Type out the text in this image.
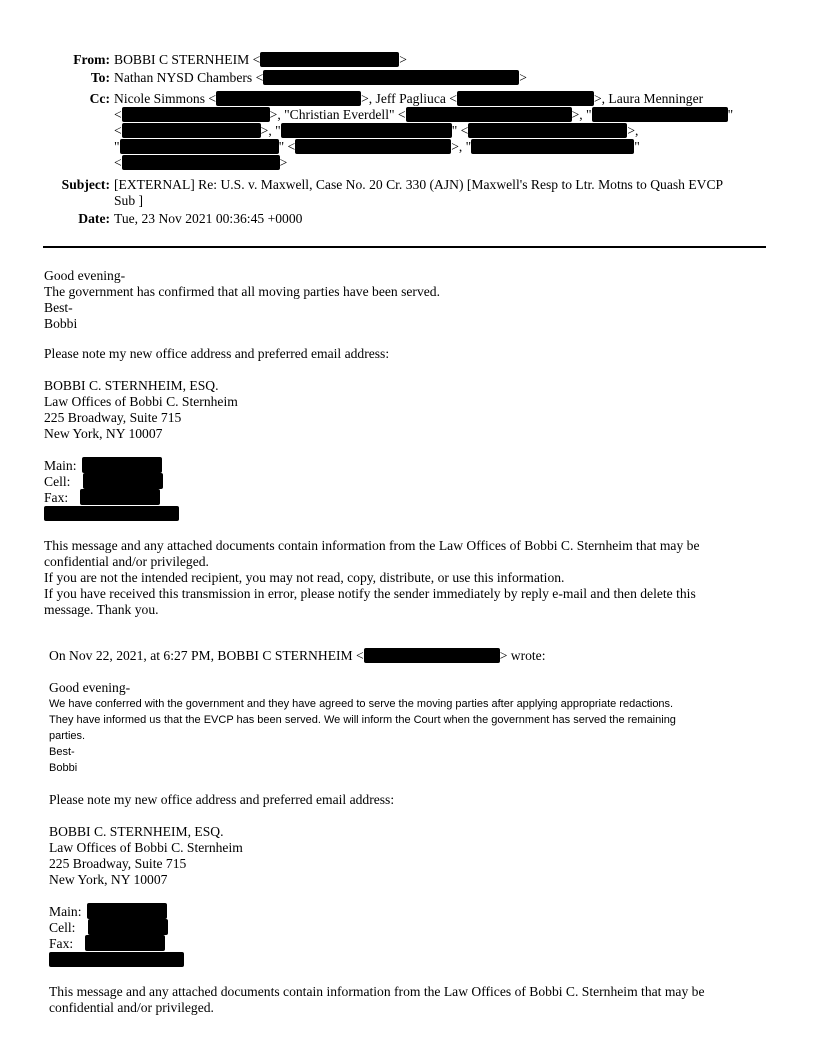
From: BOBBI C STERNHEIM <	>
To: Nathan NYSD Chambers <	>
Cc: Nicole Simmons <	>, Jeff Pagliuca <	>, Laura Menninger
<	>, "Christian Everdell" <	>, "	"
<	>, "	" <	>,
"	" <	>, "	"
<	>
Subject: [EXTERNAL] Re: U.S. v. Maxwell, Case No. 20 Cr. 330 (AJN) [Maxwell's Resp to Ltr. Motns to Quash EVCP
Sub ]
Date: Tue, 23 Nov 2021 00:36:45 +0000
Good evening-
The government has confirmed that all moving parties have been served.
Best-
Bobbi
Please note my new office address and preferred email address:
BOBBI C. STERNHEIM, ESQ.
Law Offices of Bobbi C. Sternheim
225 Broadway, Suite 715
New York, NY 10007
Main:
Cell:
Fax:
This message and any attached documents contain information from the Law Offices of Bobbi C. Sternheim that may be
confidential and/or privileged.
If you are not the intended recipient, you may not read, copy, distribute, or use this information.
If you have received this transmission in error, please notify the sender immediately by reply e-mail and then delete this
message. Thank you.
On Nov 22, 2021, at 6:27 PM, BOBBI C STERNHEIM <	> wrote:
Good evening-
We have conferred with the government and they have agreed to serve the moving parties after applying appropriate redactions.
They have informed us that the EVCP has been served. We will inform the Court when the government has served the remaining
parties.
Best-
Bobbi
Please note my new office address and preferred email address:
BOBBI C. STERNHEIM, ESQ.
Law Offices of Bobbi C. Sternheim
225 Broadway, Suite 715
New York, NY 10007
Main:
Cell:
Fax:
This message and any attached documents contain information from the Law Offices of Bobbi C. Sternheim that may be
confidential and/or privileged.
